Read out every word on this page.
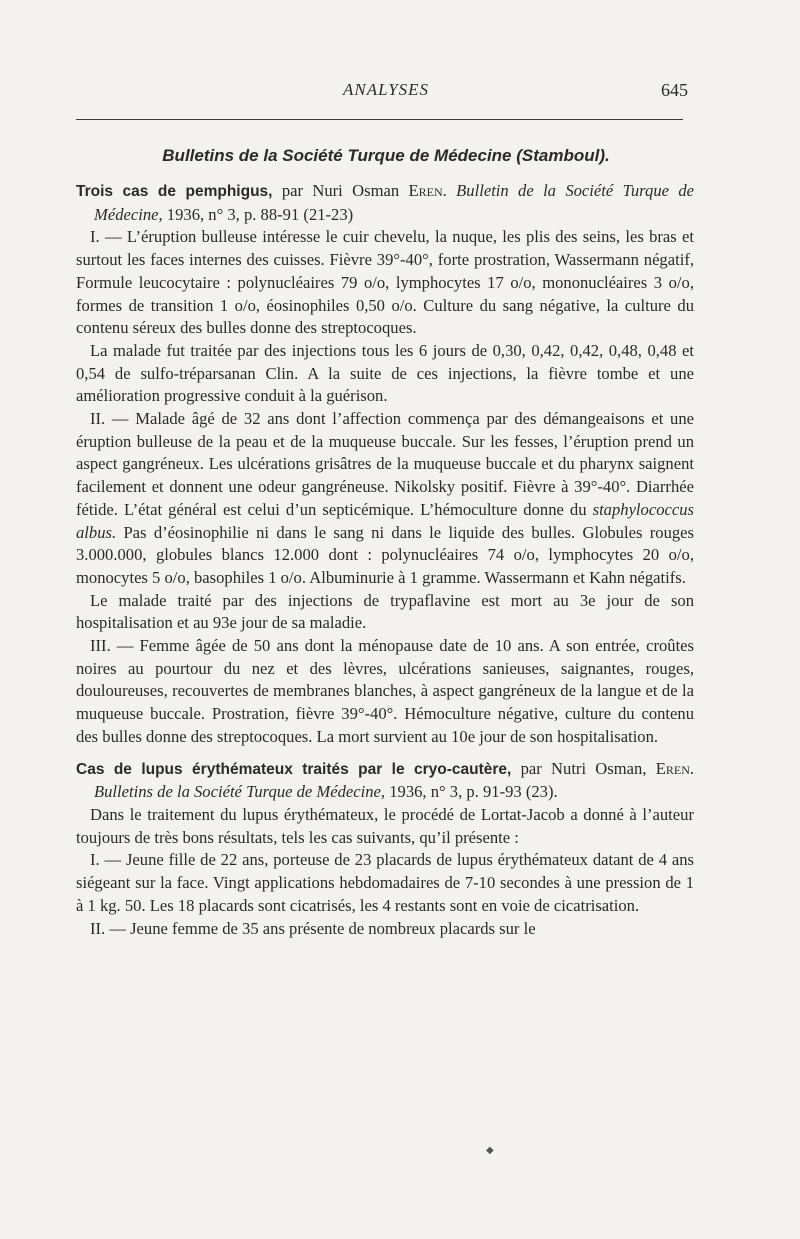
ANALYSES	645
Bulletins de la Société Turque de Médecine (Stamboul).

Trois cas de pemphigus, par Nuri Osman Eren. Bulletin de la Société Turque de Médecine, 1936, n° 3, p. 88-91 (21-23)

I. — L’éruption bulleuse intéresse le cuir chevelu, la nuque, les plis des seins, les bras et surtout les faces internes des cuisses. Fièvre 39°-40°, forte prostration, Wassermann négatif, Formule leucocytaire : polynucléaires 79 o/o, lymphocytes 17 o/o, mononucléaires 3 o/o, formes de transition 1 o/o, éosinophiles 0,50 o/o. Culture du sang négative, la culture du contenu séreux des bulles donne des streptocoques.

La malade fut traitée par des injections tous les 6 jours de 0,30, 0,42, 0,42, 0,48, 0,48 et 0,54 de sulfo-tréparsanan Clin. A la suite de ces injections, la fièvre tombe et une amélioration progressive conduit à la guérison.

II. — Malade âgé de 32 ans dont l’affection commença par des démangeaisons et une éruption bulleuse de la peau et de la muqueuse buccale. Sur les fesses, l’éruption prend un aspect gangréneux. Les ulcérations grisâtres de la muqueuse buccale et du pharynx saignent facilement et donnent une odeur gangréneuse. Nikolsky positif. Fièvre à 39°-40°. Diarrhée fétide. L’état général est celui d’un septicémique. L’hémoculture donne du staphylococcus albus. Pas d’éosinophilie ni dans le sang ni dans le liquide des bulles. Globules rouges 3.000.000, globules blancs 12.000 dont : polynucléaires 74 o/o, lymphocytes 20 o/o, monocytes 5 o/o, basophiles 1 o/o. Albuminurie à 1 gramme. Wassermann et Kahn négatifs.

Le malade traité par des injections de trypaflavine est mort au 3e jour de son hospitalisation et au 93e jour de sa maladie.

III. — Femme âgée de 50 ans dont la ménopause date de 10 ans. A son entrée, croûtes noires au pourtour du nez et des lèvres, ulcérations sanieuses, saignantes, rouges, douloureuses, recouvertes de membranes blanches, à aspect gangréneux de la langue et de la muqueuse buccale. Prostration, fièvre 39°-40°. Hémoculture négative, culture du contenu des bulles donne des streptocoques. La mort survient au 10e jour de son hospitalisation.

Cas de lupus érythémateux traités par le cryo-cautère, par Nutri Osman, Eren. Bulletins de la Société Turque de Médecine, 1936, n° 3, p. 91-93 (23).

Dans le traitement du lupus érythémateux, le procédé de Lortat-Jacob a donné à l’auteur toujours de très bons résultats, tels les cas suivants, qu’il présente :

I. — Jeune fille de 22 ans, porteuse de 23 placards de lupus érythémateux datant de 4 ans siégeant sur la face. Vingt applications hebdomadaires de 7-10 secondes à une pression de 1 à 1 kg. 50. Les 18 placards sont cicatrisés, les 4 restants sont en voie de cicatrisation.

II. — Jeune femme de 35 ans présente de nombreux placards sur le

◆
